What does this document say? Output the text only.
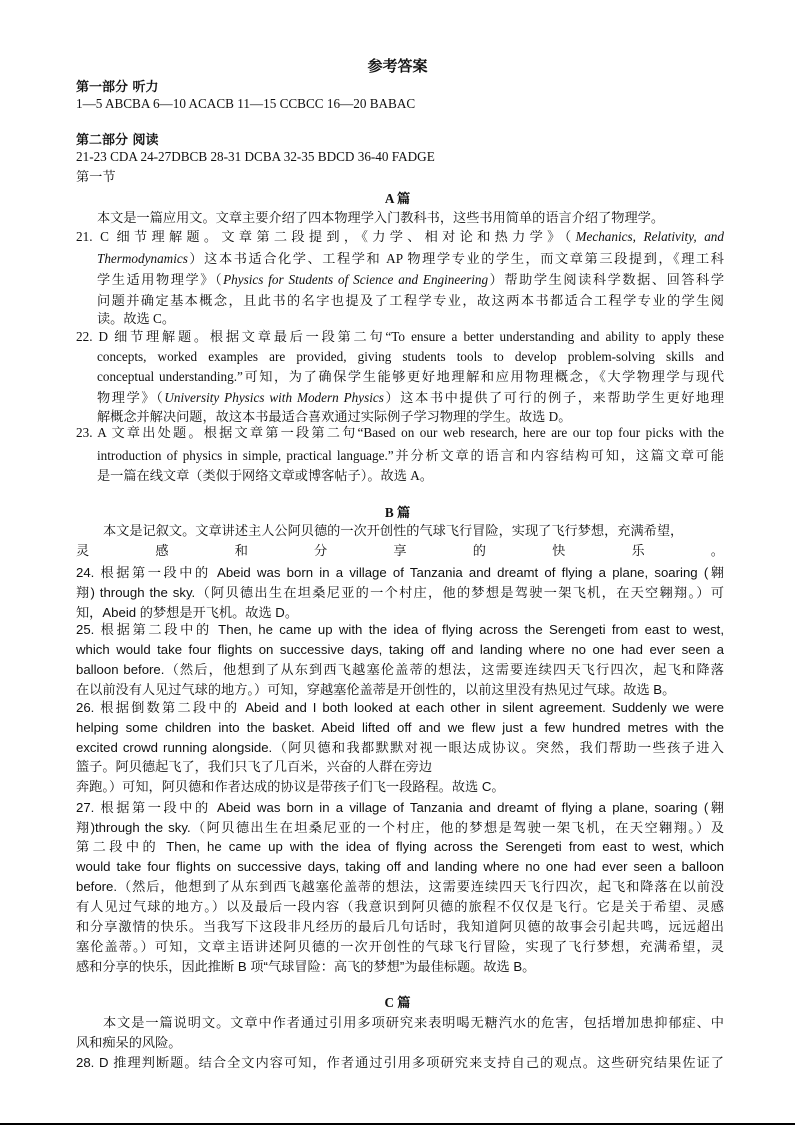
参考答案
第一部分 听力
1—5 ABCBA 6—10 ACACB 11—15 CCBCC 16—20 BABAC
第二部分 阅读
21-23 CDA 24-27DBCB 28-31 DCBA 32-35 BDCD 36-40 FADGE
第一节
A 篇
本文是一篇应用文。文章主要介绍了四本物理学入门教科书，这些书用简单的语言介绍了物理学。
21. C 细节理解题。文章第二段提到，《力学、相对论和热力学》（Mechanics, Relativity, and
Thermodynamics）这本书适合化学、工程学和 AP 物理学专业的学生，而文章第三段提到，《理工科
学生适用物理学》（Physics for Students of Science and Engineering）帮助学生阅读科学数据、回答科学
问题并确定基本概念，且此书的名字也提及了工程学专业，故这两本书都适合工程学专业的学生阅
读。故选 C。
22. D 细节理解题。根据文章最后一段第二句“To ensure a better understanding and ability to apply these
concepts, worked examples are provided, giving students tools to develop problem-solving skills and
conceptual understanding.”可知，为了确保学生能够更好地理解和应用物理概念，《大学物理学与现代
物理学》（University Physics with Modern Physics）这本书中提供了可行的例子，来帮助学生更好地理
解概念并解决问题，故这本书最适合喜欢通过实际例子学习物理的学生。故选 D。
23. A 文章出处题。根据文章第一段第二句“Based on our web research, here are our top four picks with the
introduction of physics in simple, practical language.”并分析文章的语言和内容结构可知，这篇文章可能
是一篇在线文章（类似于网络文章或博客帖子）。故选 A。
B 篇
本文是记叙文。文章讲述主人公阿贝德的一次开创性的气球飞行冒险，实现了飞行梦想，充满希望，
灵 感 和 分 享 的 快 乐 。
24. 根据第一段中的 Abeid was born in a village of Tanzania and dreamt of flying a plane, soaring (翱
翔) through the sky.（阿贝德出生在坦桑尼亚的一个村庄，他的梦想是驾驶一架飞机，在天空翱翔。）可
知，Abeid 的梦想是开飞机。故选 D。
25. 根据第二段中的 Then, he came up with the idea of flying across the Serengeti from east to west,
which would take four flights on successive days, taking off and landing where no one had ever seen a
balloon before.（然后，他想到了从东到西飞越塞伦盖蒂的想法，这需要连续四天飞行四次，起飞和降落
在以前没有人见过气球的地方。）可知，穿越塞伦盖蒂是开创性的，以前这里没有热见过气球。故选 B。
26. 根据倒数第二段中的 Abeid and I both looked at each other in silent agreement. Suddenly we were
helping some children into the basket. Abeid lifted off and we flew just a few hundred metres with the
excited crowd running alongside.（阿贝德和我都默默对视一眼达成协议。突然，我们帮助一些孩子进入
篮子。阿贝德起飞了，我们只飞了几百米，兴奋的人群在旁边
奔跑。）可知，阿贝德和作者达成的协议是带孩子们飞一段路程。故选 C。
27. 根据第一段中的 Abeid was born in a village of Tanzania and dreamt of flying a plane, soaring (翱
翔)through the sky.（阿贝德出生在坦桑尼亚的一个村庄，他的梦想是驾驶一架飞机，在天空翱翔。）及
第二段中的 Then, he came up with the idea of flying across the Serengeti from east to west, which
would take four flights on successive days, taking off and landing where no one had ever seen a balloon
before.（然后，他想到了从东到西飞越塞伦盖蒂的想法，这需要连续四天飞行四次，起飞和降落在以前没
有人见过气球的地方。）以及最后一段内容（我意识到阿贝德的旅程不仅仅是飞行。它是关于希望、灵感
和分享激情的快乐。当我写下这段非凡经历的最后几句话时，我知道阿贝德的故事会引起共鸣，远远超出
塞伦盖蒂。）可知，文章主语讲述阿贝德的一次开创性的气球飞行冒险，实现了飞行梦想，充满希望，灵
感和分享的快乐，因此推断 B 项“气球冒险：高飞的梦想”为最佳标题。故选 B。
C 篇
本文是一篇说明文。文章中作者通过引用多项研究来表明喝无糖汽水的危害，包括增加患抑郁症、中
风和痴呆的风险。
28. D 推理判断题。结合全文内容可知，作者通过引用多项研究来支持自己的观点。这些研究结果佐证了
